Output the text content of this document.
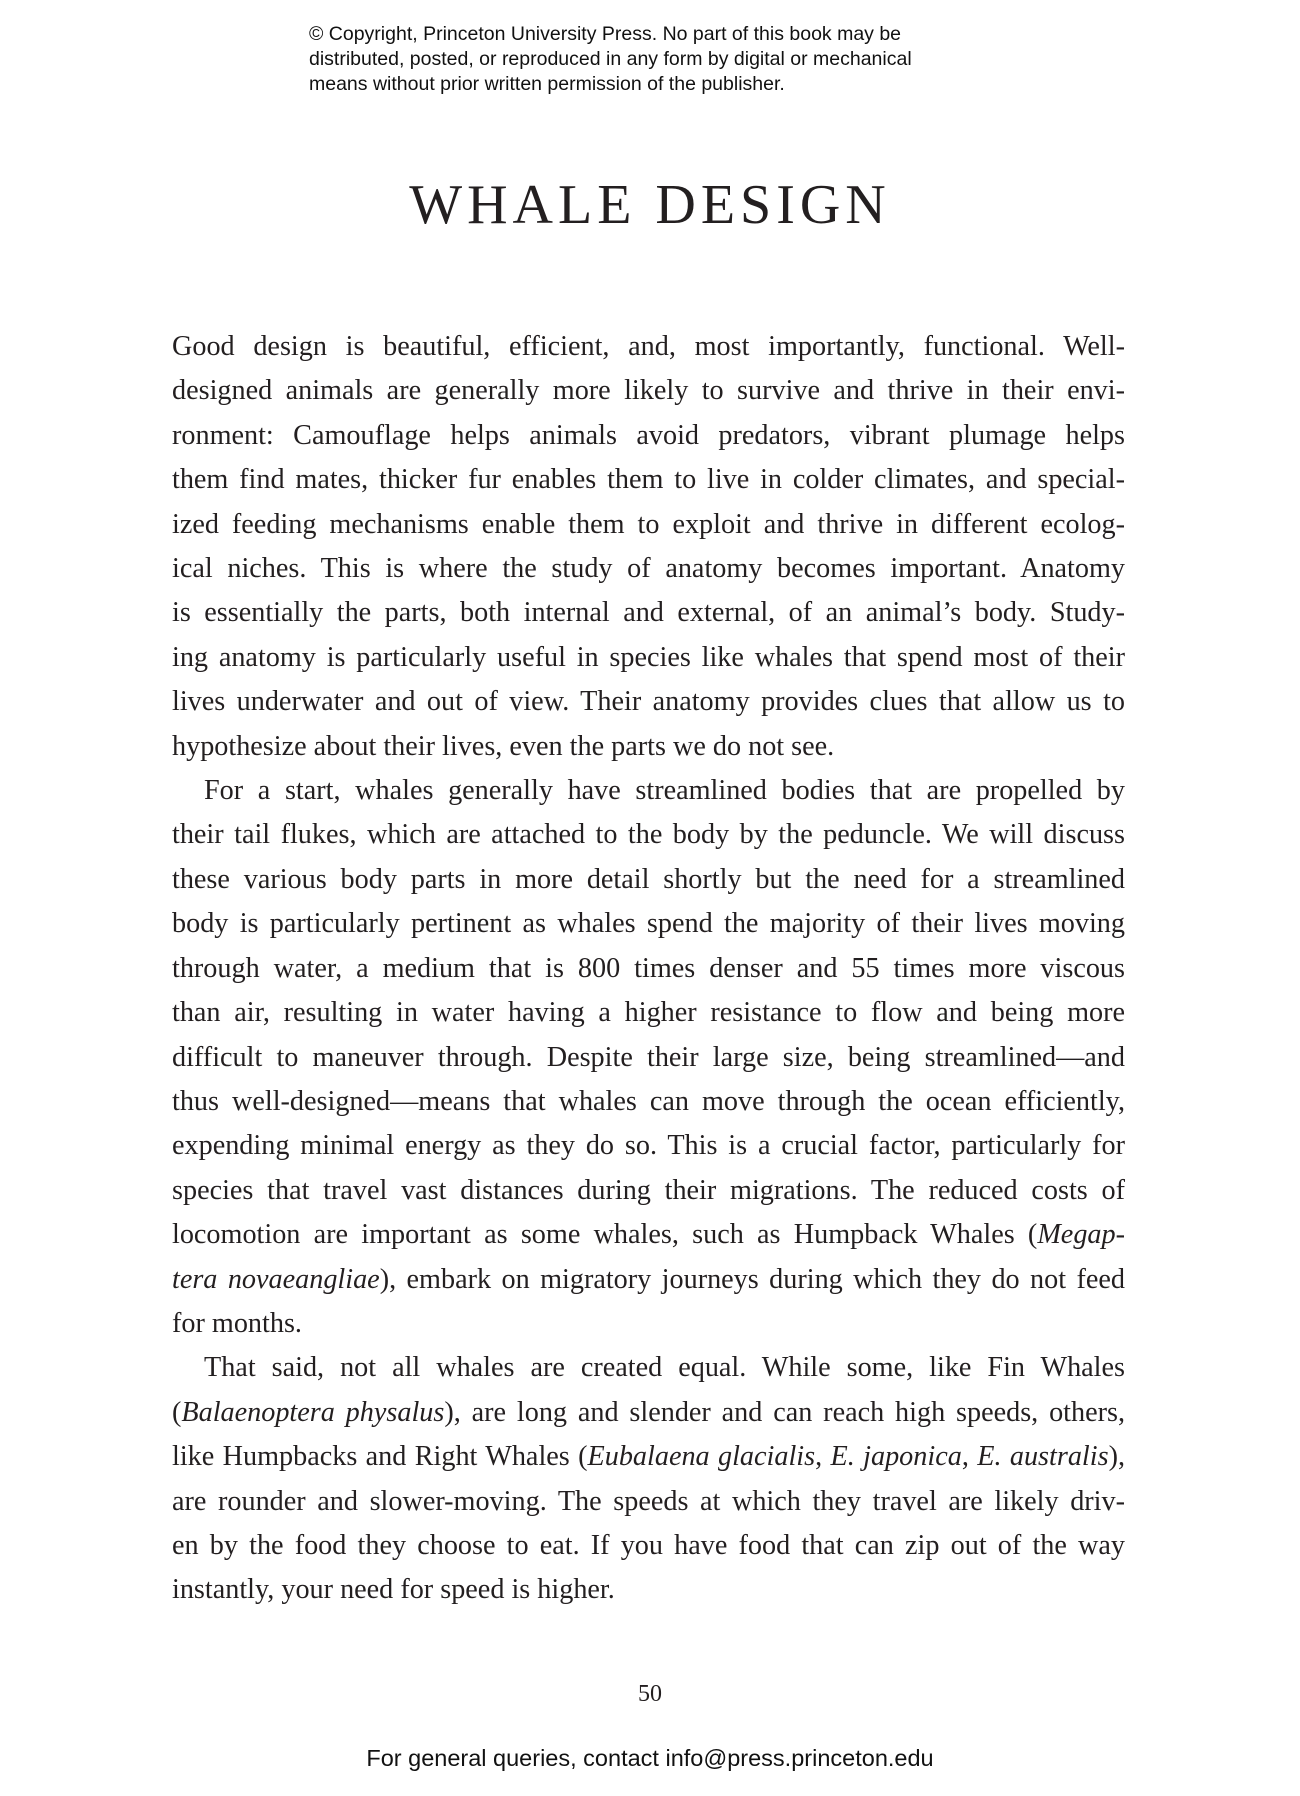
© Copyright, Princeton University Press. No part of this book may be
distributed, posted, or reproduced in any form by digital or mechanical
means without prior written permission of the publisher.
WHALE DESIGN
Good design is beautiful, efficient, and, most importantly, functional. Well-
designed animals are generally more likely to survive and thrive in their envi-
ronment: Camouflage helps animals avoid predators, vibrant plumage helps
them find mates, thicker fur enables them to live in colder climates, and special-
ized feeding mechanisms enable them to exploit and thrive in different ecolog-
ical niches. This is where the study of anatomy becomes important. Anatomy
is essentially the parts, both internal and external, of an animal’s body. Study-
ing anatomy is particularly useful in species like whales that spend most of their
lives underwater and out of view. Their anatomy provides clues that allow us to
hypothesize about their lives, even the parts we do not see.
For a start, whales generally have streamlined bodies that are propelled by
their tail flukes, which are attached to the body by the peduncle. We will discuss
these various body parts in more detail shortly but the need for a streamlined
body is particularly pertinent as whales spend the majority of their lives moving
through water, a medium that is 800 times denser and 55 times more viscous
than air, resulting in water having a higher resistance to flow and being more
difficult to maneuver through. Despite their large size, being streamlined—and
thus well-designed—means that whales can move through the ocean efficiently,
expending minimal energy as they do so. This is a crucial factor, particularly for
species that travel vast distances during their migrations. The reduced costs of
locomotion are important as some whales, such as Humpback Whales (Megap-
tera novaeangliae), embark on migratory journeys during which they do not feed
for months.
That said, not all whales are created equal. While some, like Fin Whales
(Balaenoptera physalus), are long and slender and can reach high speeds, others,
like Humpbacks and Right Whales (Eubalaena glacialis, E. japonica, E. australis),
are rounder and slower-moving. The speeds at which they travel are likely driv-
en by the food they choose to eat. If you have food that can zip out of the way
instantly, your need for speed is higher.
50
For general queries, contact info@press.princeton.edu
